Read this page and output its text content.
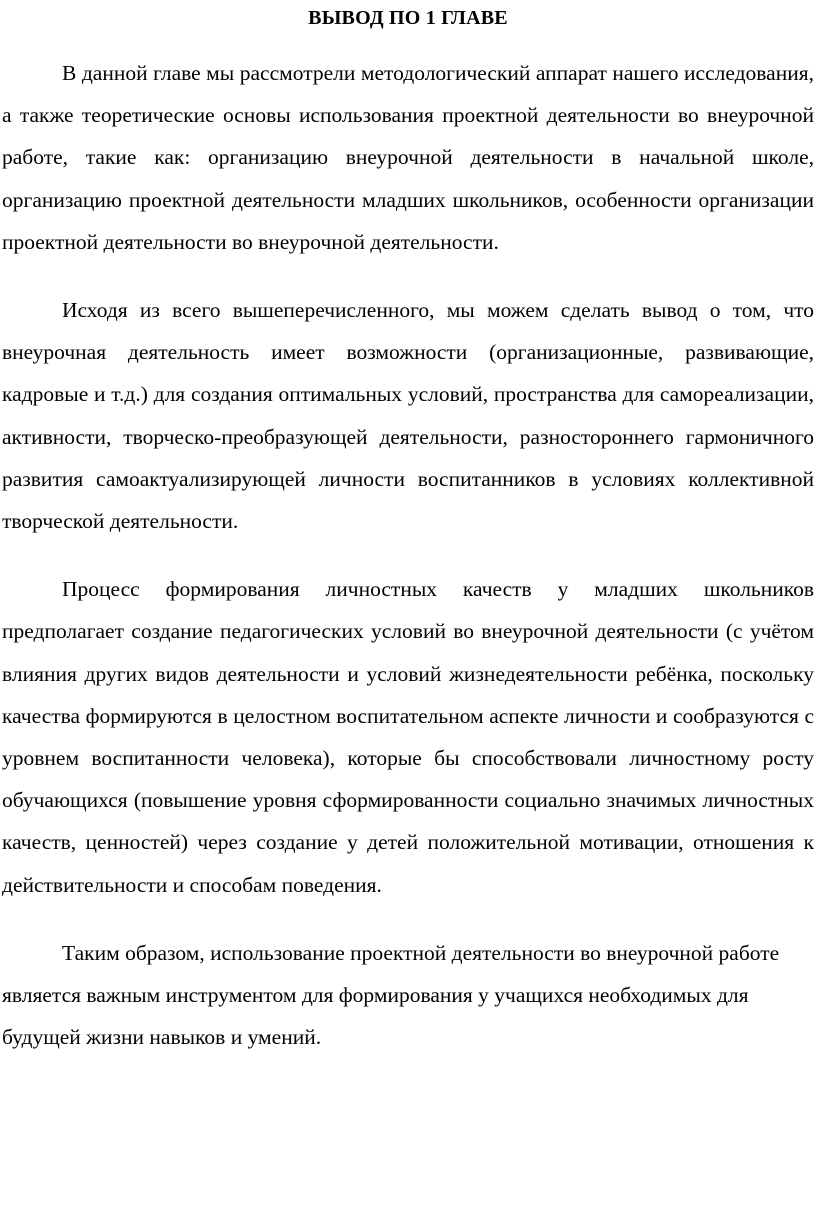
ВЫВОД ПО 1 ГЛАВЕ

В данной главе мы рассмотрели методологический аппарат нашего исследования, а также теоретические основы использования проектной деятельности во внеурочной работе, такие как: организацию внеурочной деятельности в начальной школе, организацию проектной деятельности младших школьников, особенности организации проектной деятельности во внеурочной деятельности.

Исходя из всего вышеперечисленного, мы можем сделать вывод о том, что внеурочная деятельность имеет возможности (организационные, развивающие, кадровые и т.д.) для создания оптимальных условий, пространства для самореализации, активности, творческо-преобразующей деятельности, разностороннего гармоничного развития самоактуализирующей личности воспитанников в условиях коллективной творческой деятельности.

Процесс формирования личностных качеств у младших школьников предполагает создание педагогических условий во внеурочной деятельности (с учётом влияния других видов деятельности и условий жизнедеятельности ребёнка, поскольку качества формируются в целостном воспитательном аспекте личности и сообразуются с уровнем воспитанности человека), которые бы способствовали личностному росту обучающихся (повышение уровня сформированности социально значимых личностных качеств, ценностей) через создание у детей положительной мотивации, отношения к действительности и способам поведения.

Таким образом, использование проектной деятельности во внеурочной работе является важным инструментом для формирования у учащихся необходимых для будущей жизни навыков и умений.
